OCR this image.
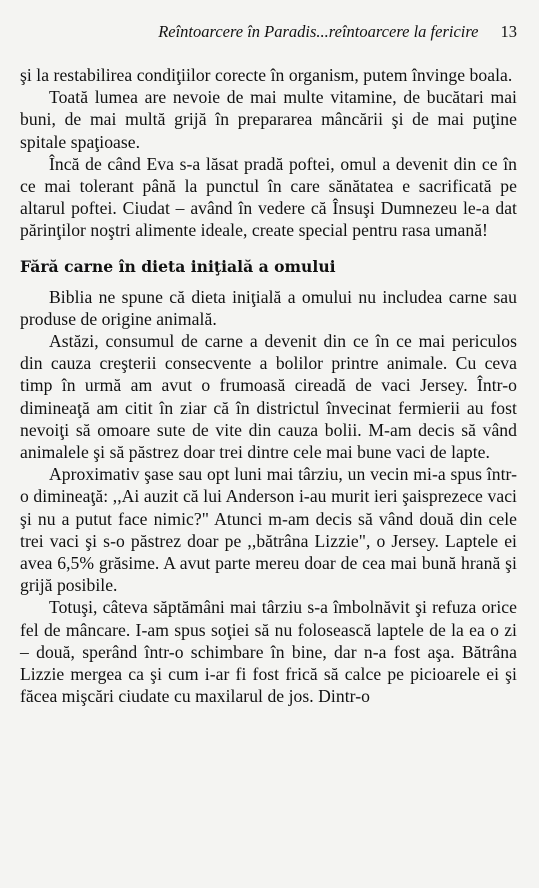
Reîntoarcere în Paradis...reîntoarcere la fericire 13

şi la restabilirea condiţiilor corecte în organism, putem învinge boala.

Toată lumea are nevoie de mai multe vitamine, de bucătari mai buni, de mai multă grijă în prepararea mâncării şi de mai puţine spitale spaţioase.

Încă de când Eva s-a lăsat pradă poftei, omul a devenit din ce în ce mai tolerant până la punctul în care sănătatea e sacrificată pe altarul poftei. Ciudat – având în vedere că Însuşi Dumnezeu le-a dat părinţilor noştri alimente ideale, create special pentru rasa umană!

Fără carne în dieta iniţială a omului

Biblia ne spune că dieta iniţială a omului nu includea carne sau produse de origine animală.

Astăzi, consumul de carne a devenit din ce în ce mai periculos din cauza creşterii consecvente a bolilor printre animale. Cu ceva timp în urmă am avut o frumoasă cireadă de vaci Jersey. Într-o dimineaţă am citit în ziar că în districtul învecinat fermierii au fost nevoiţi să omoare sute de vite din cauza bolii. M-am decis să vând animalele şi să păstrez doar trei dintre cele mai bune vaci de lapte.

Aproximativ şase sau opt luni mai târziu, un vecin mi-a spus într-o dimineaţă: ,,Ai auzit că lui Anderson i-au murit ieri şaisprezece vaci şi nu a putut face nimic?" Atunci m-am decis să vând două din cele trei vaci şi s-o păstrez doar pe ,,bătrâna Lizzie", o Jersey. Laptele ei avea 6,5% grăsime. A avut parte mereu doar de cea mai bună hrană şi grijă posibile.

Totuşi, câteva săptămâni mai târziu s-a îmbolnăvit şi refuza orice fel de mâncare. I-am spus soţiei să nu folosească laptele de la ea o zi – două, sperând într-o schimbare în bine, dar n-a fost aşa. Bătrâna Lizzie mergea ca şi cum i-ar fi fost frică să calce pe picioarele ei şi făcea mişcări ciudate cu maxilarul de jos. Dintr-o
